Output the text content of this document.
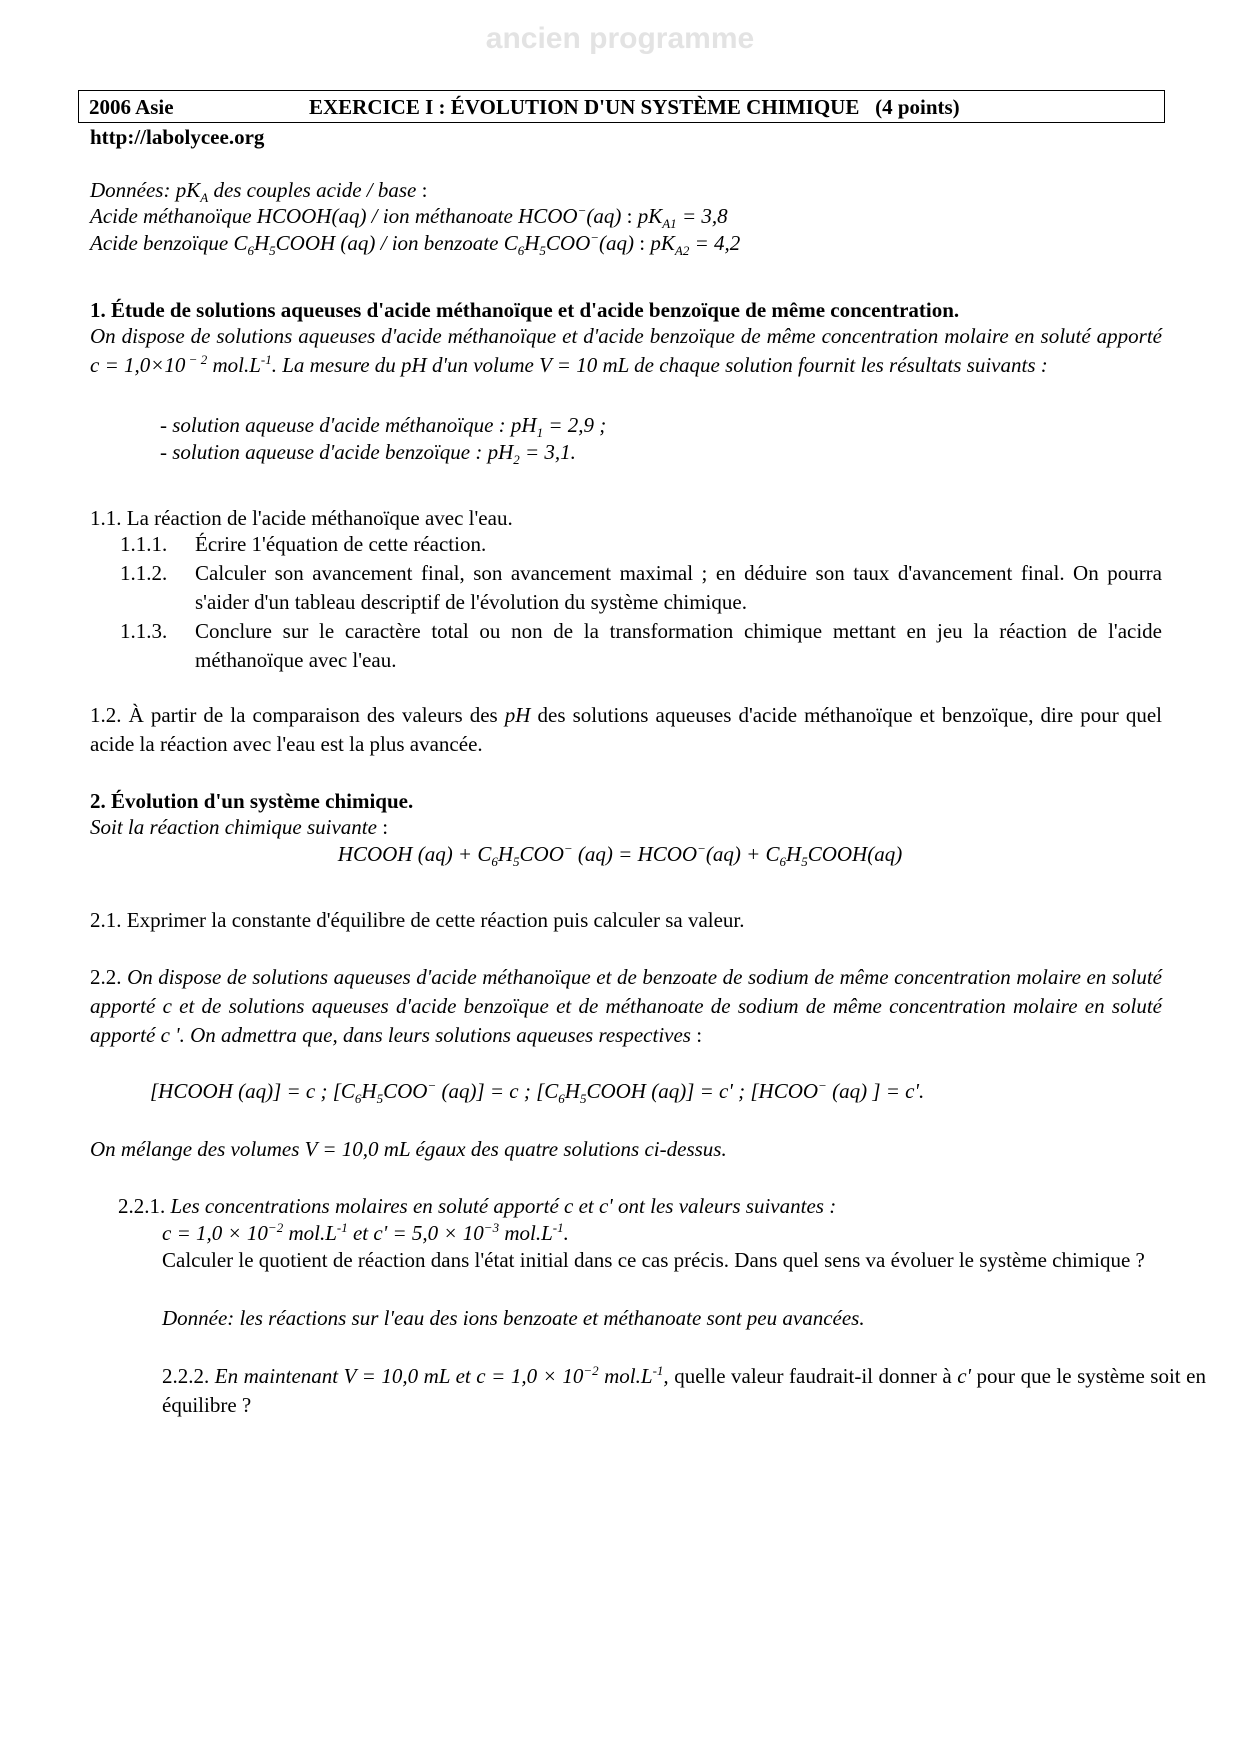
ancien programme
2006 Asie	EXERCICE I : ÉVOLUTION D'UN SYSTÈME CHIMIQUE   (4 points)
http://labolycee.org
Données: $pK_A$ des couples acide / base :
Acide méthanoïque HCOOH(aq) / ion méthanoate HCOO−(aq) : $pK_{A1} = 3,8$
Acide benzoïque $C_6H_5COOH$ (aq) / ion benzoate $C_6H_5COO^-(aq)$ : $pK_{A2} = 4,2$
1. Étude de solutions aqueuses d'acide méthanoïque et d'acide benzoïque de même concentration.
On dispose de solutions aqueuses d'acide méthanoïque et d'acide benzoïque de même concentration molaire en soluté apporté c = 1,0×10 $^{- 2}$ $mol.L^{-1}$. La mesure du pH d'un volume V = 10 mL de chaque solution fournit les résultats suivants :
- solution aqueuse d'acide méthanoïque : $pH_1 = 2,9$ ;
- solution aqueuse d'acide benzoïque : $pH_2 = 3,1$.
1.1. La réaction de l'acide méthanoïque avec l'eau.
1.1.1. Écrire 1'équation de cette réaction.
1.1.2. Calculer son avancement final, son avancement maximal ; en déduire son taux d'avancement final. On pourra s'aider d'un tableau descriptif de l'évolution du système chimique.
1.1.3. Conclure sur le caractère total ou non de la transformation chimique mettant en jeu la réaction de l'acide méthanoïque avec l'eau.
1.2. À partir de la comparaison des valeurs des pH des solutions aqueuses d'acide méthanoïque et benzoïque, dire pour quel acide la réaction avec l'eau est la plus avancée.
2. Évolution d'un système chimique.
Soit la réaction chimique suivante :
HCOOH $(aq) + C_6H_5COO^-$ (aq) = HCOO−(aq) + $C_6H_5COOH(aq)$
2.1. Exprimer la constante d'équilibre de cette réaction puis calculer sa valeur.
2.2. On dispose de solutions aqueuses d'acide méthanoïque et de benzoate de sodium de même concentration molaire en soluté apporté c et de solutions aqueuses d'acide benzoïque et de méthanoate de sodium de même concentration molaire en soluté apporté c '. On admettra que, dans leurs solutions aqueuses respectives :
[HCOOH (aq)] = c ; [$C_6H_5COO^-$ (aq)] = c ; [$C_6H_5COOH$ (aq)] = c' ; [HCOO− (aq) ] = c'.
On mélange des volumes V = 10,0 mL égaux des quatre solutions ci-dessus.
2.2.1. Les concentrations molaires en soluté apporté c et c' ont les valeurs suivantes :
$c = 1,0 \times 10^{-2}$ $mol.L^{-1}$ et $c' = 5,0 \times 10^{-3}$ $mol.L^{-1}$.
Calculer le quotient de réaction dans l'état initial dans ce cas précis. Dans quel sens va évoluer le système chimique ?
Donnée: les réactions sur l'eau des ions benzoate et méthanoate sont peu avancées.
2.2.2. En maintenant V = 10,0 mL et $c = 1,0 \times 10^{-2}$ $mol.L^{-1}$, quelle valeur faudrait-il donner à c' pour que le système soit en équilibre ?
